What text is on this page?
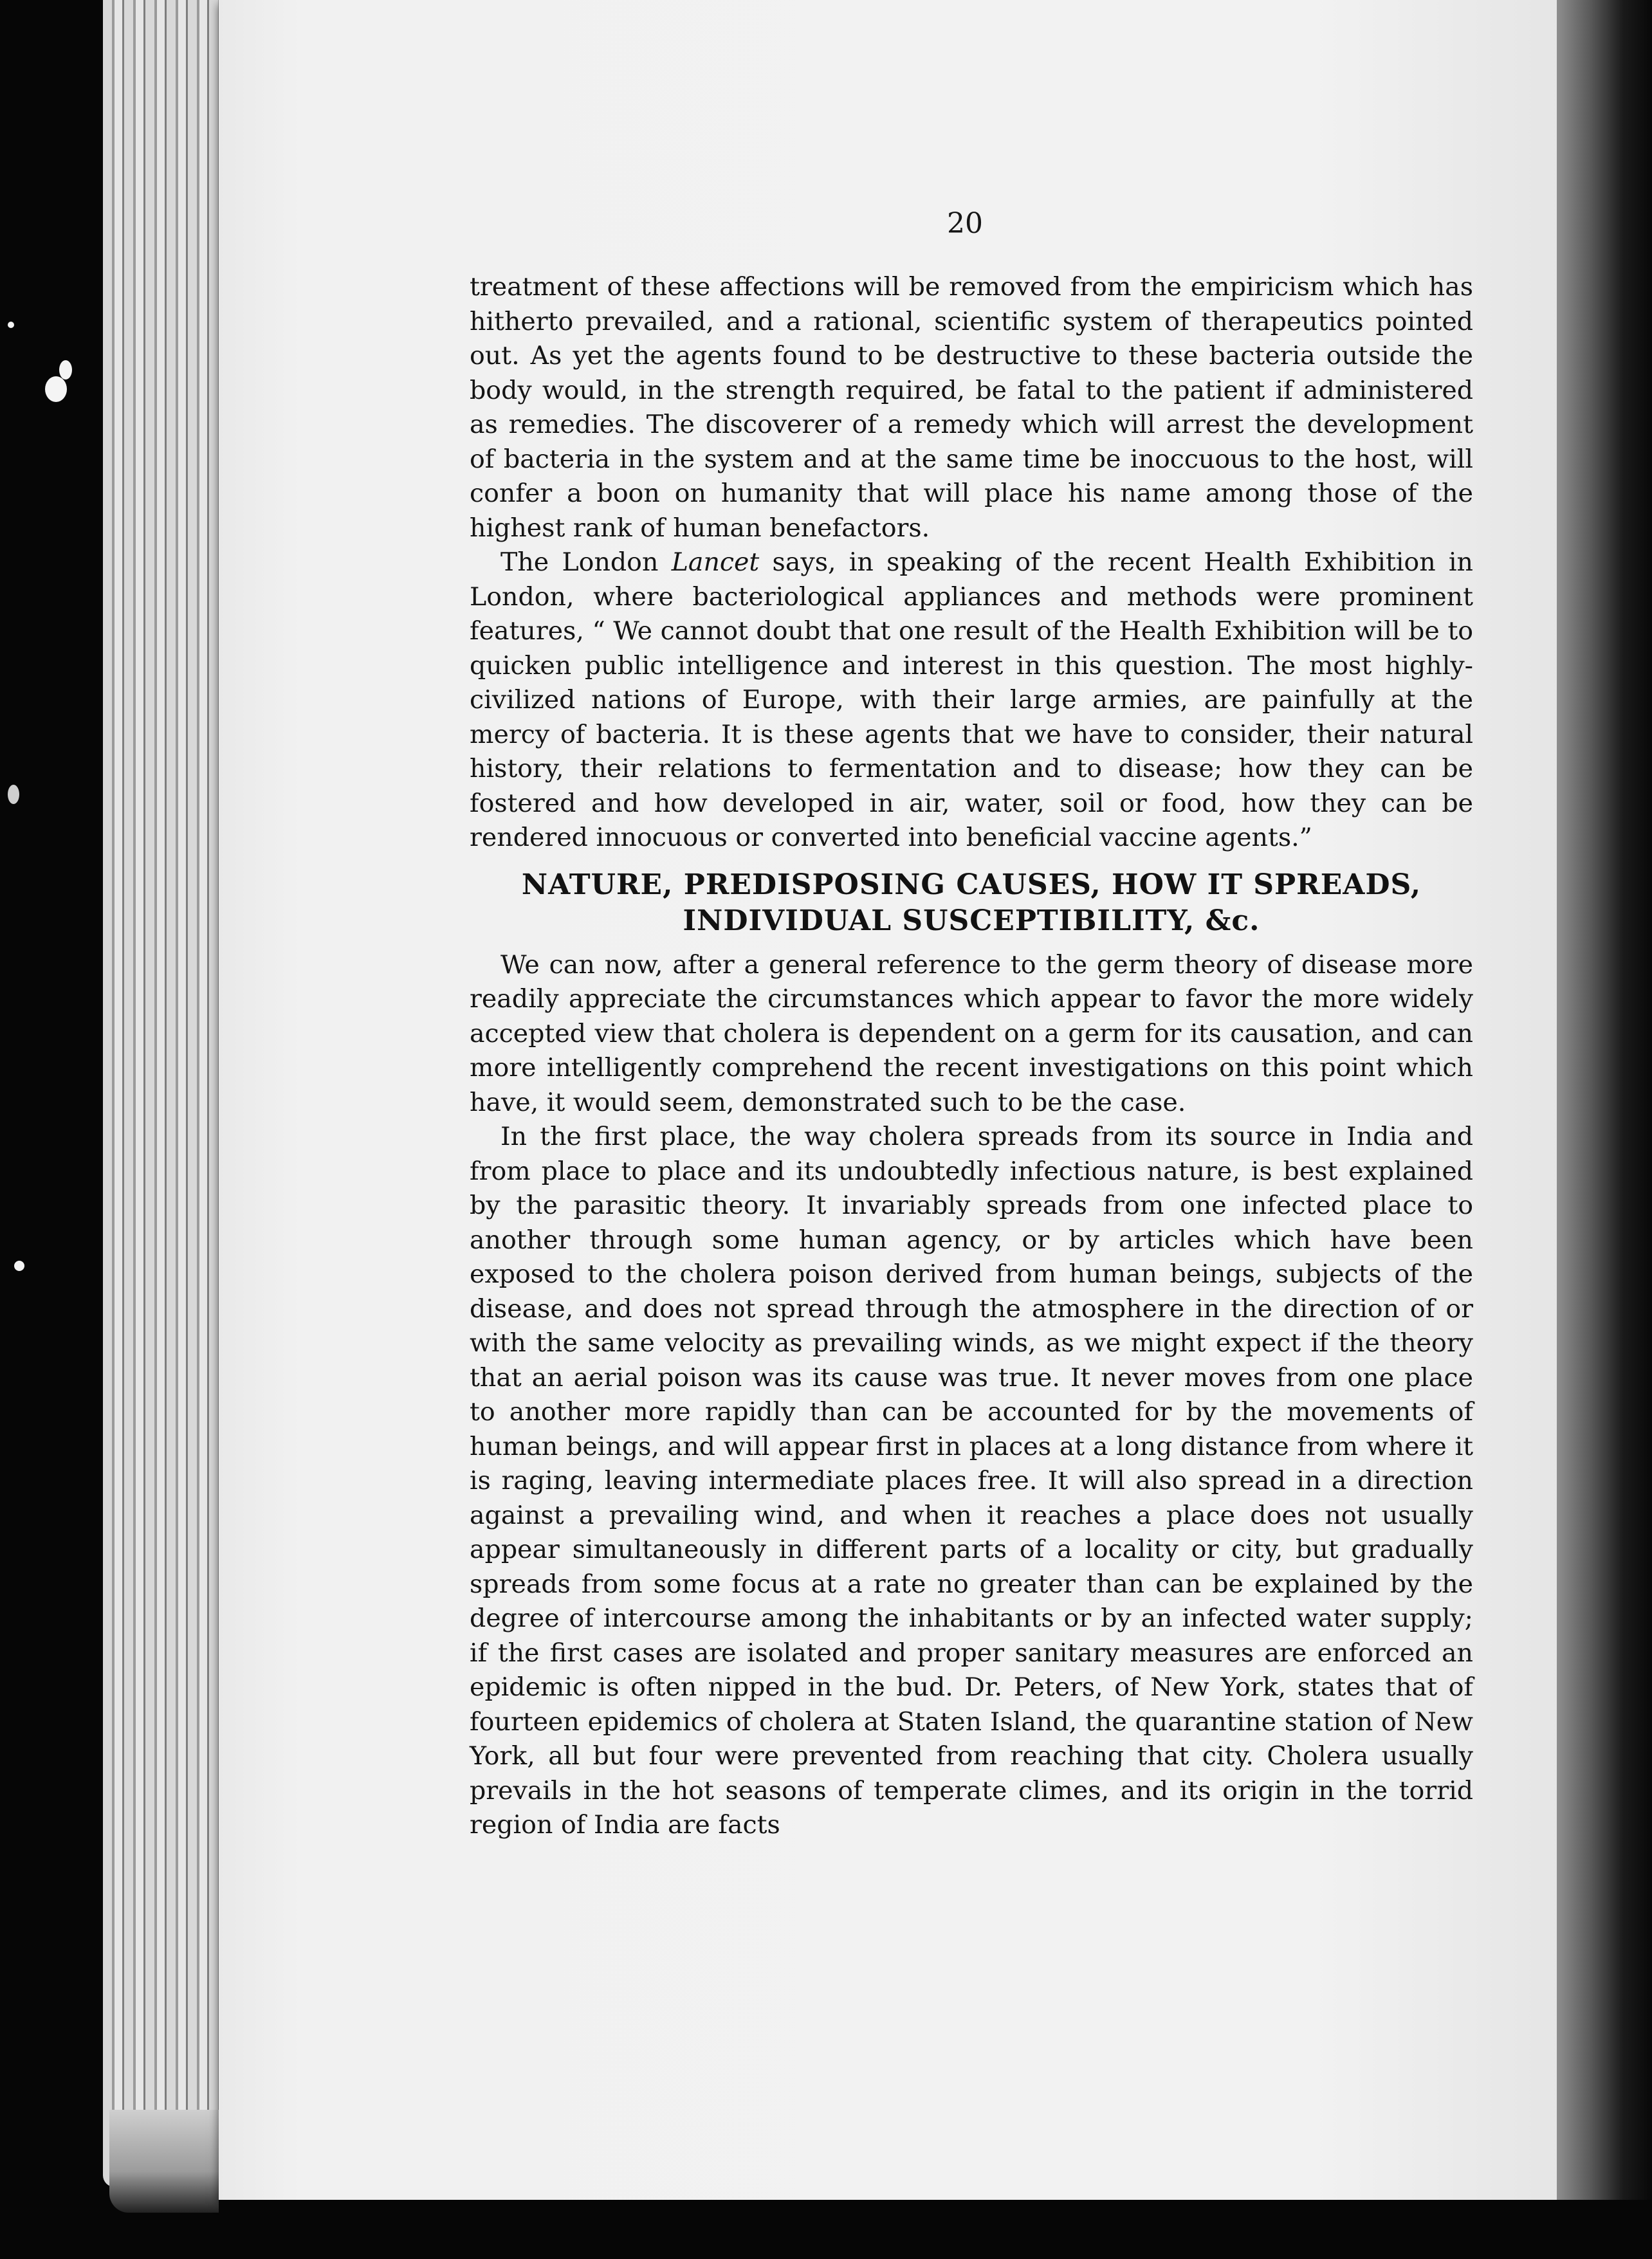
20

treatment of these affections will be removed from the empiricism which has hitherto prevailed, and a rational, scientific system of therapeutics pointed out. As yet the agents found to be destructive to these bacteria outside the body would, in the strength required, be fatal to the patient if administered as remedies. The discoverer of a remedy which will arrest the development of bacteria in the system and at the same time be inoccuous to the host, will confer a boon on humanity that will place his name among those of the highest rank of human benefactors.

The London Lancet says, in speaking of the recent Health Exhibition in London, where bacteriological appliances and methods were prominent features, “ We cannot doubt that one result of the Health Exhibition will be to quicken public intelligence and interest in this question. The most highly-civilized nations of Europe, with their large armies, are painfully at the mercy of bacteria. It is these agents that we have to consider, their natural history, their relations to fermentation and to disease; how they can be fostered and how developed in air, water, soil or food, how they can be rendered innocuous or converted into beneficial vaccine agents.”

NATURE, PREDISPOSING CAUSES, HOW IT SPREADS,
INDIVIDUAL SUSCEPTIBILITY, &c.

We can now, after a general reference to the germ theory of disease more readily appreciate the circumstances which appear to favor the more widely accepted view that cholera is dependent on a germ for its causation, and can more intelligently comprehend the recent investigations on this point which have, it would seem, demonstrated such to be the case.

In the first place, the way cholera spreads from its source in India and from place to place and its undoubtedly infectious nature, is best explained by the parasitic theory. It invariably spreads from one infected place to another through some human agency, or by articles which have been exposed to the cholera poison derived from human beings, subjects of the disease, and does not spread through the atmosphere in the direction of or with the same velocity as prevailing winds, as we might expect if the theory that an aerial poison was its cause was true. It never moves from one place to another more rapidly than can be accounted for by the movements of human beings, and will appear first in places at a long distance from where it is raging, leaving intermediate places free. It will also spread in a direction against a prevailing wind, and when it reaches a place does not usually appear simultaneously in different parts of a locality or city, but gradually spreads from some focus at a rate no greater than can be explained by the degree of intercourse among the inhabitants or by an infected water supply; if the first cases are isolated and proper sanitary measures are enforced an epidemic is often nipped in the bud. Dr. Peters, of New York, states that of fourteen epidemics of cholera at Staten Island, the quarantine station of New York, all but four were prevented from reaching that city. Cholera usually prevails in the hot seasons of temperate climes, and its origin in the torrid region of India are facts
